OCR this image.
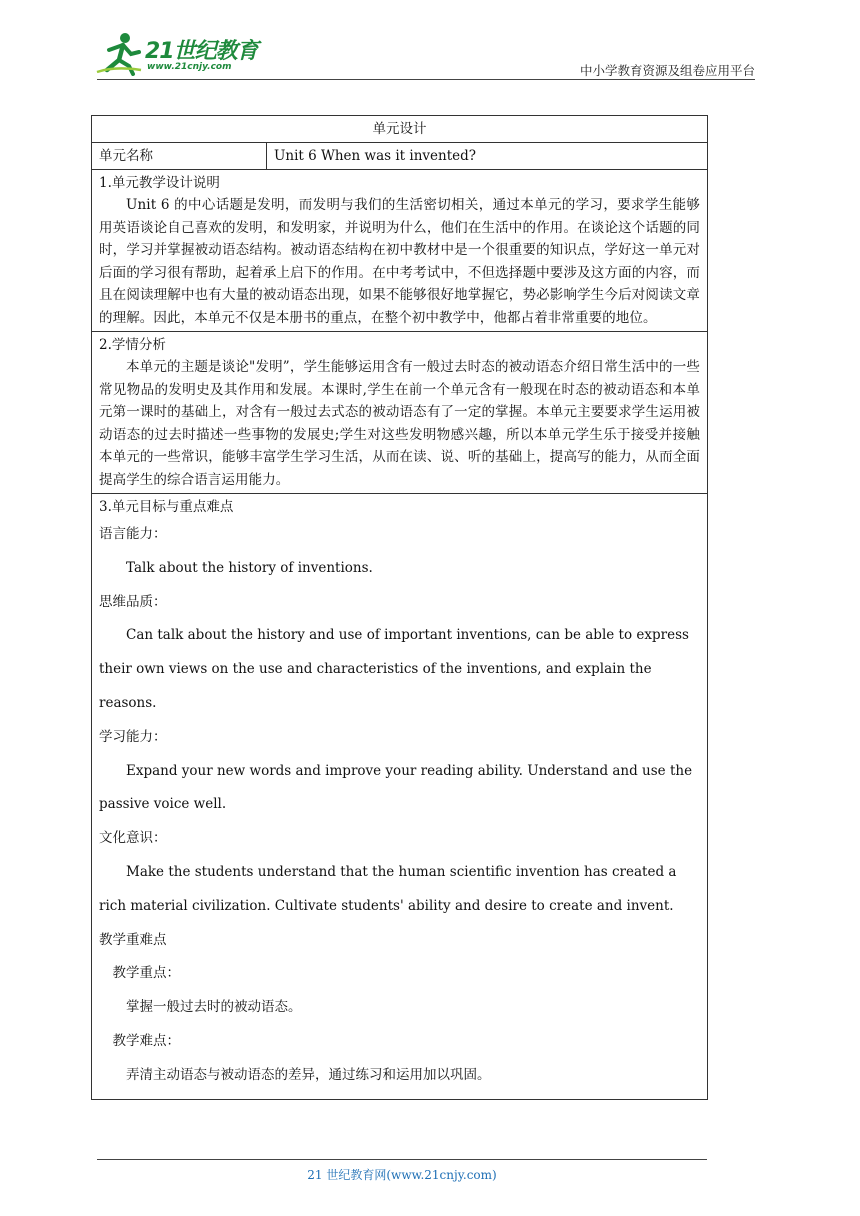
21世纪教育
www.21cnjy.com	中小学教育资源及组卷应用平台
单元设计
单元名称	Unit 6 When was it invented?

1.单元教学设计说明

Unit 6 的中心话题是发明，而发明与我们的生活密切相关，通过本单元的学习，要求学生能够用英语谈论自己喜欢的发明，和发明家，并说明为什么，他们在生活中的作用。在谈论这个话题的同时，学习并掌握被动语态结构。被动语态结构在初中教材中是一个很重要的知识点，学好这一单元对后面的学习很有帮助，起着承上启下的作用。在中考考试中，不但选择题中要涉及这方面的内容，而且在阅读理解中也有大量的被动语态出现，如果不能够很好地掌握它，势必影响学生今后对阅读文章的理解。因此，本单元不仅是本册书的重点，在整个初中教学中，他都占着非常重要的地位。

2.学情分析

本单元的主题是谈论"发明”，学生能够运用含有一般过去时态的被动语态介绍日常生活中的一些常见物品的发明史及其作用和发展。本课时,学生在前一个单元含有一般现在时态的被动语态和本单元第一课时的基础上，对含有一般过去式态的被动语态有了一定的掌握。本单元主要要求学生运用被动语态的过去时描述一些事物的发展史;学生对这些发明物感兴趣，所以本单元学生乐于接受并接触本单元的一些常识，能够丰富学生学习生活，从而在读、说、听的基础上，提高写的能力，从而全面提高学生的综合语言运用能力。

3.单元目标与重点难点

语言能力：

Talk about the history of inventions.

思维品质：

Can talk about the history and use of important inventions, can be able to express their own views on the use and characteristics of the inventions, and explain the reasons.

学习能力：

Expand your new words and improve your reading ability. Understand and use the passive voice well.

文化意识：

Make the students understand that the human scientific invention has created a rich material civilization. Cultivate students' ability and desire to create and invent.

教学重难点

教学重点：

掌握一般过去时的被动语态。

教学难点：

弄清主动语态与被动语态的差异，通过练习和运用加以巩固。

21 世纪教育网(www.21cnjy.com)
